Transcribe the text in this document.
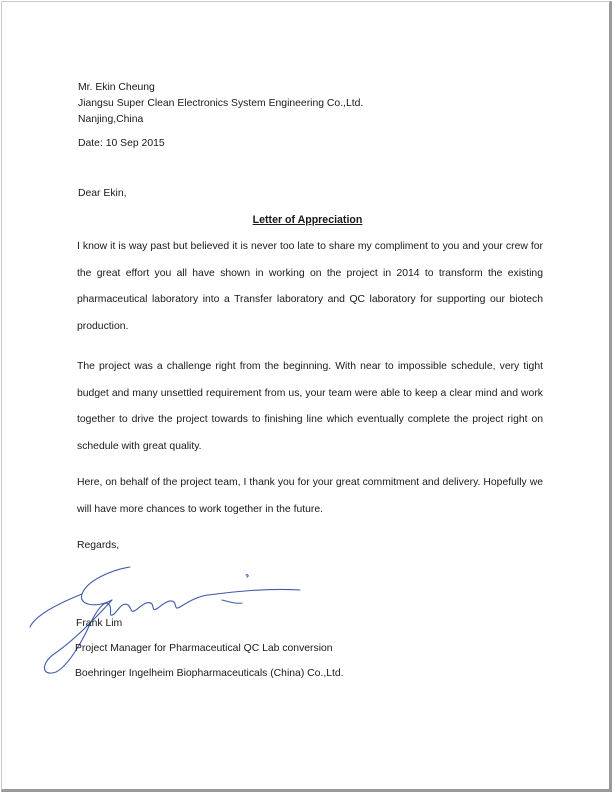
Mr. Ekin Cheung
Jiangsu Super Clean Electronics System Engineering Co.,Ltd.
Nanjing,China
Date: 10 Sep 2015
Dear Ekin,
Letter of Appreciation

I know it is way past but believed it is never too late to share my compliment to you and your crew for the great effort you all have shown in working on the project in 2014 to transform the existing pharmaceutical laboratory into a Transfer laboratory and QC laboratory for supporting our biotech production.

The project was a challenge right from the beginning. With near to impossible schedule, very tight budget and many unsettled requirement from us, your team were able to keep a clear mind and work together to drive the project towards to finishing line which eventually complete the project right on schedule with great quality.

Here, on behalf of the project team, I thank you for your great commitment and delivery. Hopefully we will have more chances to work together in the future.

Regards,
Frank Lim
Project Manager for Pharmaceutical QC Lab conversion
Boehringer Ingelheim Biopharmaceuticals (China) Co.,Ltd.
